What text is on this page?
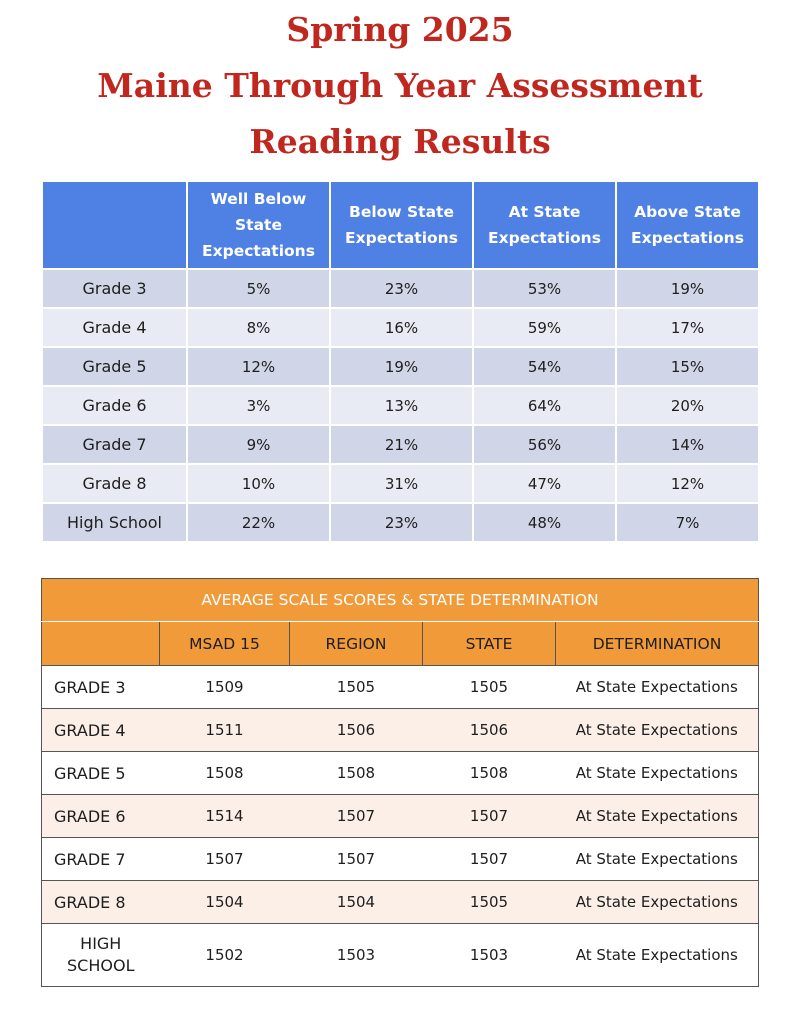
Spring 2025
Maine Through Year Assessment
Reading Results
	Well Below State Expectations	Below State Expectations	At State Expectations	Above State Expectations
Grade 3	5%	23%	53%	19%
Grade 4	8%	16%	59%	17%
Grade 5	12%	19%	54%	15%
Grade 6	3%	13%	64%	20%
Grade 7	9%	21%	56%	14%
Grade 8	10%	31%	47%	12%
High School	22%	23%	48%	7%
AVERAGE SCALE SCORES & STATE DETERMINATION				
	MSAD 15	REGION	STATE	DETERMINATION
GRADE 3	1509	1505	1505	At State Expectations
GRADE 4	1511	1506	1506	At State Expectations
GRADE 5	1508	1508	1508	At State Expectations
GRADE 6	1514	1507	1507	At State Expectations
GRADE 7	1507	1507	1507	At State Expectations
GRADE 8	1504	1504	1505	At State Expectations

HIGH
SCHOOL	1502	1503	1503	At State Expectations
